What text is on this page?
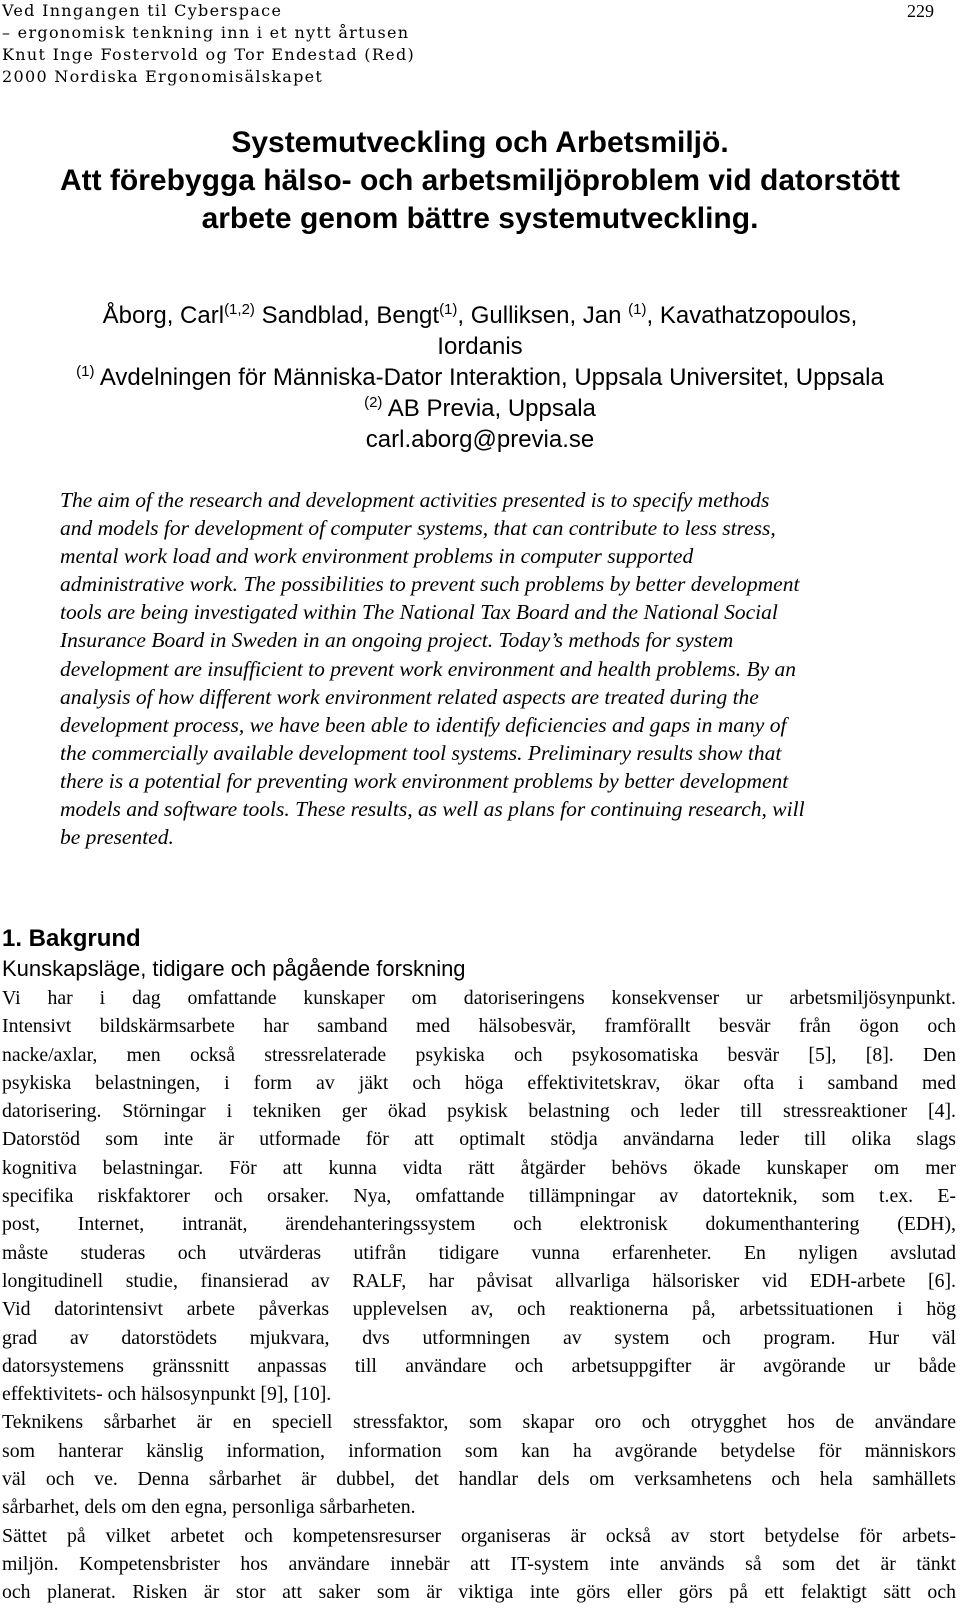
Ved Inngangen til Cyberspace
– ergonomisk tenkning inn i et nytt årtusen
Knut Inge Fostervold og Tor Endestad (Red)
2000 Nordiska Ergonomisälskapet
229
Systemutveckling och Arbetsmiljö.
Att förebygga hälso- och arbetsmiljöproblem vid datorstött
arbete genom bättre systemutveckling.
Åborg, Carl$^{(1,2)}$ Sandblad, Bengt$^{(1)}$, Gulliksen, Jan $^{(1)}$, Kavathatzopoulos,
Iordanis
$^{(1)}$ Avdelningen för Människa-Dator Interaktion, Uppsala Universitet, Uppsala
$^{(2)}$ AB Previa, Uppsala
carl.aborg@previa.se
The aim of the research and development activities presented is to specify methods
and models for development of computer systems, that can contribute to less stress,
mental work load and work environment problems in computer supported
administrative work. The possibilities to prevent such problems by better development
tools are being investigated within The National Tax Board and the National Social
Insurance Board in Sweden in an ongoing project. Today’s methods for system
development are insufficient to prevent work environment and health problems. By an
analysis of how different work environment related aspects are treated during the
development process, we have been able to identify deficiencies and gaps in many of
the commercially available development tool systems. Preliminary results show that
there is a potential for preventing work environment problems by better development
models and software tools. These results, as well as plans for continuing research, will
be presented.
1. Bakgrund
Kunskapsläge, tidigare och pågående forskning
Vi har i dag omfattande kunskaper om datoriseringens konsekvenser ur arbetsmiljösynpunkt.
Intensivt bildskärmsarbete har samband med hälsobesvär, framförallt besvär från ögon och
nacke/axlar, men också stressrelaterade psykiska och psykosomatiska besvär [5], [8]. Den
psykiska belastningen, i form av jäkt och höga effektivitetskrav, ökar ofta i samband med
datorisering. Störningar i tekniken ger ökad psykisk belastning och leder till stressreaktioner [4].
Datorstöd som inte är utformade för att optimalt stödja användarna leder till olika slags
kognitiva belastningar. För att kunna vidta rätt åtgärder behövs ökade kunskaper om mer
specifika riskfaktorer och orsaker. Nya, omfattande tillämpningar av datorteknik, som t.ex. E-
post, Internet, intranät, ärendehanteringssystem och elektronisk dokumenthantering (EDH),
måste studeras och utvärderas utifrån tidigare vunna erfarenheter. En nyligen avslutad
longitudinell studie, finansierad av RALF, har påvisat allvarliga hälsorisker vid EDH-arbete [6].
Vid datorintensivt arbete påverkas upplevelsen av, och reaktionerna på, arbetssituationen i hög
grad av datorstödets mjukvara, dvs utformningen av system och program. Hur väl
datorsystemens gränssnitt anpassas till användare och arbetsuppgifter är avgörande ur både
effektivitets- och hälsosynpunkt [9], [10].
Teknikens sårbarhet är en speciell stressfaktor, som skapar oro och otrygghet hos de användare
som hanterar känslig information, information som kan ha avgörande betydelse för människors
väl och ve. Denna sårbarhet är dubbel, det handlar dels om verksamhetens och hela samhällets
sårbarhet, dels om den egna, personliga sårbarheten.
Sättet på vilket arbetet och kompetensresurser organiseras är också av stort betydelse för arbets-
miljön. Kompetensbrister hos användare innebär att IT-system inte används så som det är tänkt
och planerat. Risken är stor att saker som är viktiga inte görs eller görs på ett felaktigt sätt och
